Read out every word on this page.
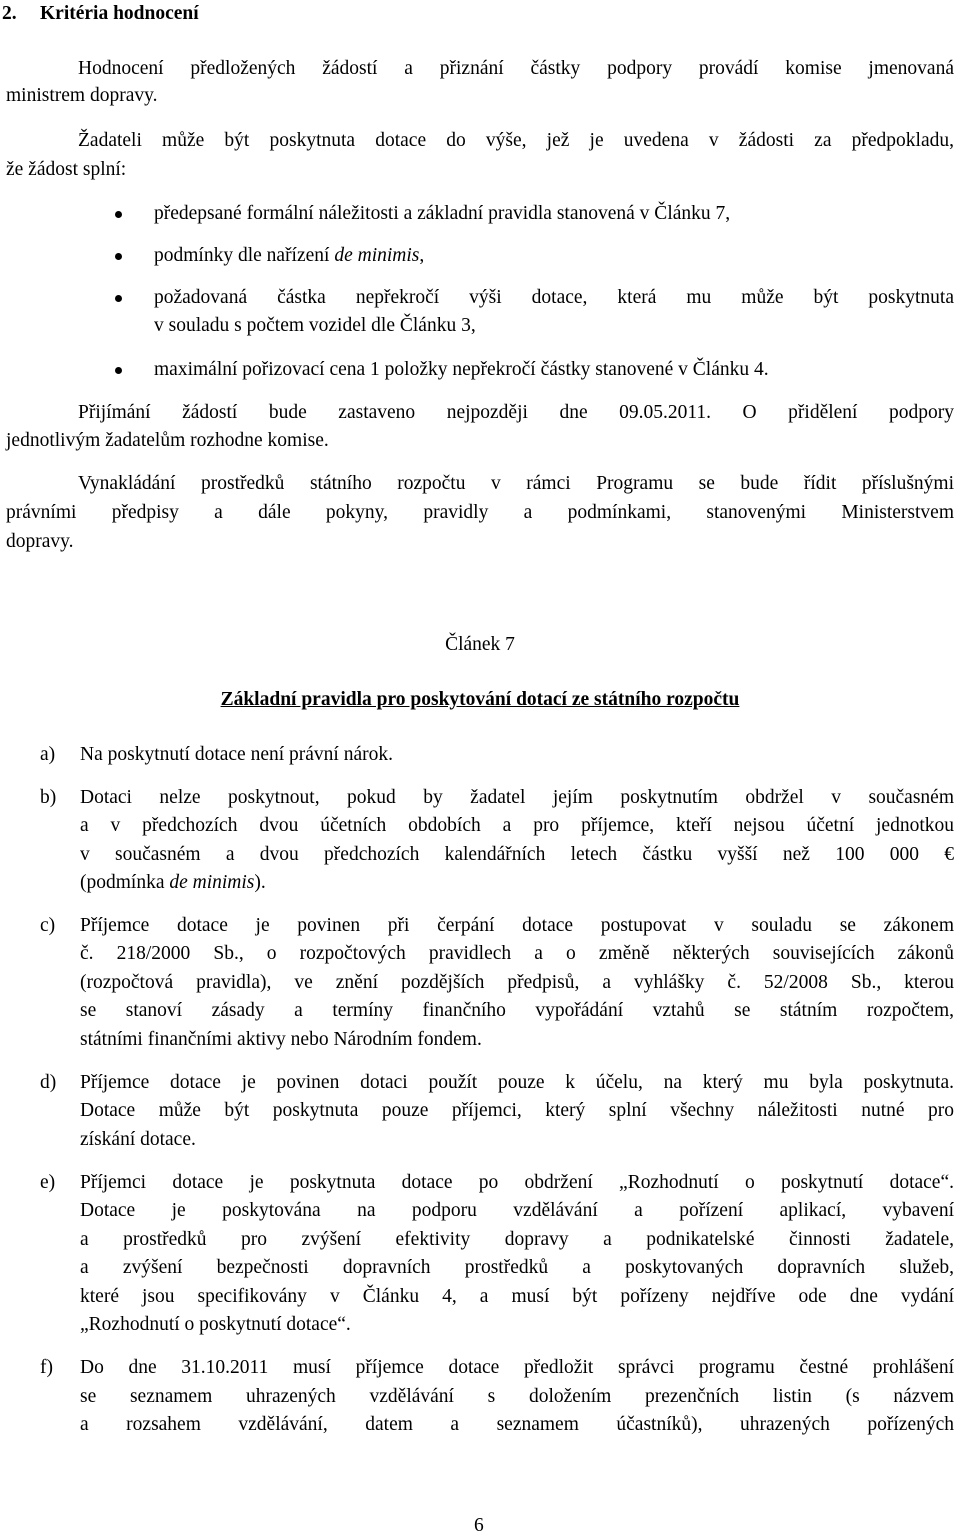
2. Kritéria hodnocení
Hodnocení předložených žádostí a přiznání částky podpory provádí komise jmenovaná
ministrem dopravy.
Žadateli může být poskytnuta dotace do výše, jež je uvedena v žádosti za předpokladu,
že žádost splní:
předepsané formální náležitosti a základní pravidla stanovená v Článku 7,
podmínky dle nařízení de minimis,
požadovaná částka nepřekročí výši dotace, která mu může být poskytnuta
v souladu s počtem vozidel dle Článku 3,
maximální pořizovací cena 1 položky nepřekročí částky stanovené v Článku 4.
Přijímání žádostí bude zastaveno nejpozději dne 09.05.2011. O přidělení podpory
jednotlivým žadatelům rozhodne komise.
Vynakládání prostředků státního rozpočtu v rámci Programu se bude řídit příslušnými
právními předpisy a dále pokyny, pravidly a podmínkami, stanovenými Ministerstvem
dopravy.
Článek 7
Základní pravidla pro poskytování dotací ze státního rozpočtu
a) Na poskytnutí dotace není právní nárok.
b) Dotaci nelze poskytnout, pokud by žadatel jejím poskytnutím obdržel v současném
a v předchozích dvou účetních obdobích a pro příjemce, kteří nejsou účetní jednotkou
v současném a dvou předchozích kalendářních letech částku vyšší než 100 000 €
(podmínka de minimis).
c) Příjemce dotace je povinen při čerpání dotace postupovat v souladu se zákonem
č. 218/2000 Sb., o rozpočtových pravidlech a o změně některých souvisejících zákonů
(rozpočtová pravidla), ve znění pozdějších předpisů, a vyhlášky č. 52/2008 Sb., kterou
se stanoví zásady a termíny finančního vypořádání vztahů se státním rozpočtem,
státními finančními aktivy nebo Národním fondem.
d) Příjemce dotace je povinen dotaci použít pouze k účelu, na který mu byla poskytnuta.
Dotace může být poskytnuta pouze příjemci, který splní všechny náležitosti nutné pro
získání dotace.
e) Příjemci dotace je poskytnuta dotace po obdržení „Rozhodnutí o poskytnutí dotace“.
Dotace je poskytována na podporu vzdělávání a pořízení aplikací, vybavení
a prostředků pro zvýšení efektivity dopravy a podnikatelské činnosti žadatele,
a zvýšení bezpečnosti dopravních prostředků a poskytovaných dopravních služeb,
které jsou specifikovány v Článku 4, a musí být pořízeny nejdříve ode dne vydání
„Rozhodnutí o poskytnutí dotace“.
f) Do dne 31.10.2011 musí příjemce dotace předložit správci programu čestné prohlášení
se seznamem uhrazených vzdělávání s doložením prezenčních listin (s názvem
a rozsahem vzdělávání, datem a seznamem účastníků), uhrazených pořízených
6
